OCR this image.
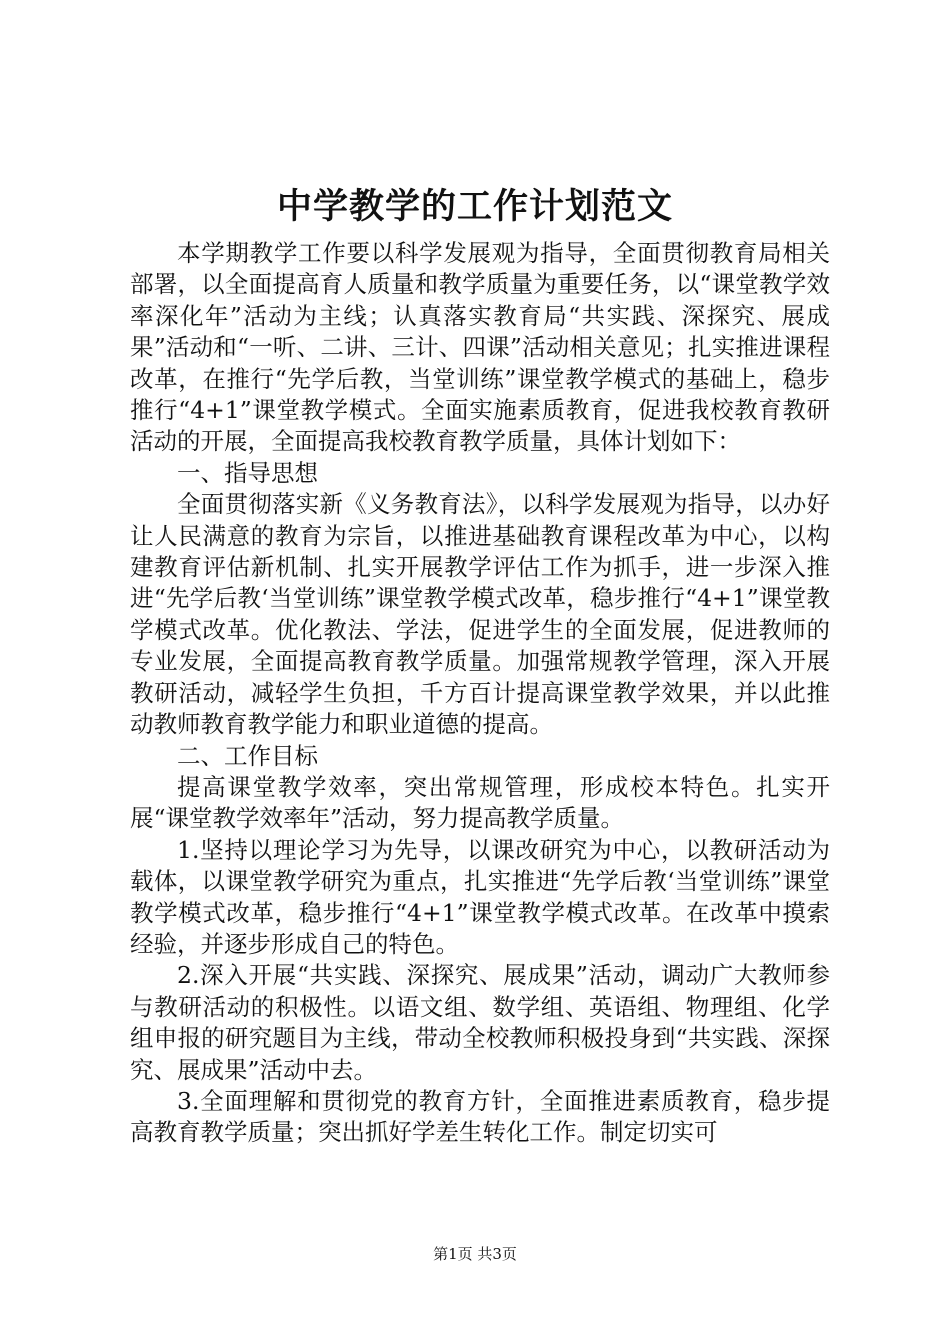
中学教学的工作计划范文

本学期教学工作要以科学发展观为指导，全面贯彻教育局相关部署，以全面提高育人质量和教学质量为重要任务，以“课堂教学效率深化年”活动为主线；认真落实教育局“共实践、深探究、展成果”活动和“一听、二讲、三计、四课”活动相关意见；扎实推进课程改革，在推行“先学后教，当堂训练”课堂教学模式的基础上，稳步推行“4+1”课堂教学模式。全面实施素质教育，促进我校教育教研活动的开展，全面提高我校教育教学质量，具体计划如下：

一、指导思想

全面贯彻落实新《义务教育法》，以科学发展观为指导，以办好让人民满意的教育为宗旨，以推进基础教育课程改革为中心，以构建教育评估新机制、扎实开展教学评估工作为抓手，进一步深入推进“先学后教‘当堂训练”课堂教学模式改革，稳步推行“4+1”课堂教学模式改革。优化教法、学法，促进学生的全面发展，促进教师的专业发展，全面提高教育教学质量。加强常规教学管理，深入开展教研活动，减轻学生负担，千方百计提高课堂教学效果，并以此推动教师教育教学能力和职业道德的提高。

二、工作目标

提高课堂教学效率，突出常规管理，形成校本特色。扎实开展“课堂教学效率年”活动，努力提高教学质量。

1.坚持以理论学习为先导，以课改研究为中心，以教研活动为载体，以课堂教学研究为重点，扎实推进“先学后教‘当堂训练”课堂教学模式改革，稳步推行“4+1”课堂教学模式改革。在改革中摸索经验，并逐步形成自己的特色。

2.深入开展“共实践、深探究、展成果”活动，调动广大教师参与教研活动的积极性。以语文组、数学组、英语组、物理组、化学组申报的研究题目为主线，带动全校教师积极投身到“共实践、深探究、展成果”活动中去。

3.全面理解和贯彻党的教育方针，全面推进素质教育，稳步提高教育教学质量；突出抓好学差生转化工作。制定切实可

第1页 共3页
